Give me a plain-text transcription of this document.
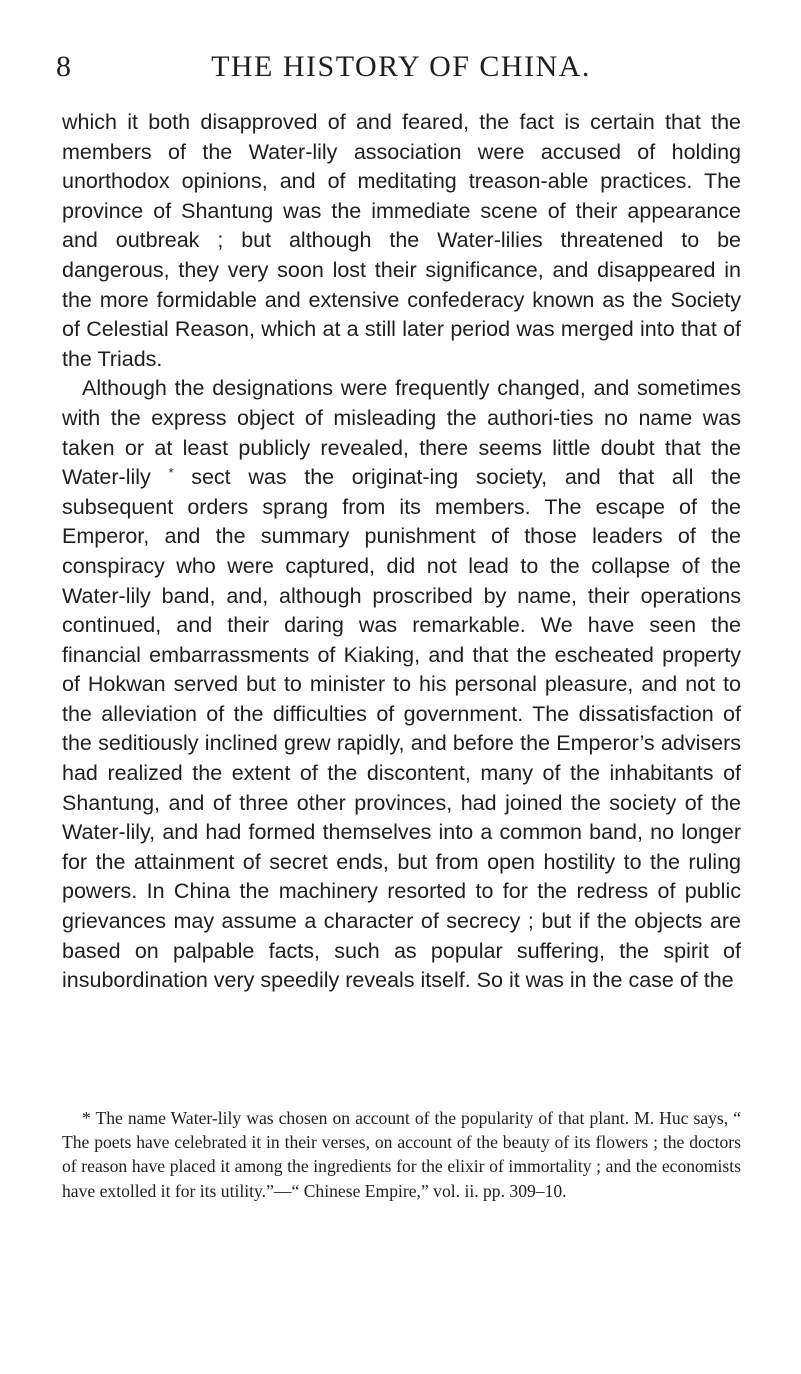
8	THE HISTORY OF CHINA.

which it both disapproved of and feared, the fact is certain that the members of the Water-lily association were accused of holding unorthodox opinions, and of meditating treason-able practices. The province of Shantung was the immediate scene of their appearance and outbreak ; but although the Water-lilies threatened to be dangerous, they very soon lost their significance, and disappeared in the more formidable and extensive confederacy known as the Society of Celestial Reason, which at a still later period was merged into that of the Triads.

Although the designations were frequently changed, and sometimes with the express object of misleading the authori-ties no name was taken or at least publicly revealed, there seems little doubt that the Water-lily * sect was the originat-ing society, and that all the subsequent orders sprang from its members. The escape of the Emperor, and the summary punishment of those leaders of the conspiracy who were captured, did not lead to the collapse of the Water-lily band, and, although proscribed by name, their operations continued, and their daring was remarkable. We have seen the financial embarrassments of Kiaking, and that the escheated property of Hokwan served but to minister to his personal pleasure, and not to the alleviation of the difficulties of government. The dissatisfaction of the seditiously inclined grew rapidly, and before the Emperor’s advisers had realized the extent of the discontent, many of the inhabitants of Shantung, and of three other provinces, had joined the society of the Water-lily, and had formed themselves into a common band, no longer for the attainment of secret ends, but from open hostility to the ruling powers. In China the machinery resorted to for the redress of public grievances may assume a character of secrecy ; but if the objects are based on palpable facts, such as popular suffering, the spirit of insubordination very speedily reveals itself. So it was in the case of the

* The name Water-lily was chosen on account of the popularity of that plant. M. Huc says, “ The poets have celebrated it in their verses, on account of the beauty of its flowers ; the doctors of reason have placed it among the ingredients for the elixir of immortality ; and the economists have extolled it for its utility.”—“ Chinese Empire,” vol. ii. pp. 309–10.
